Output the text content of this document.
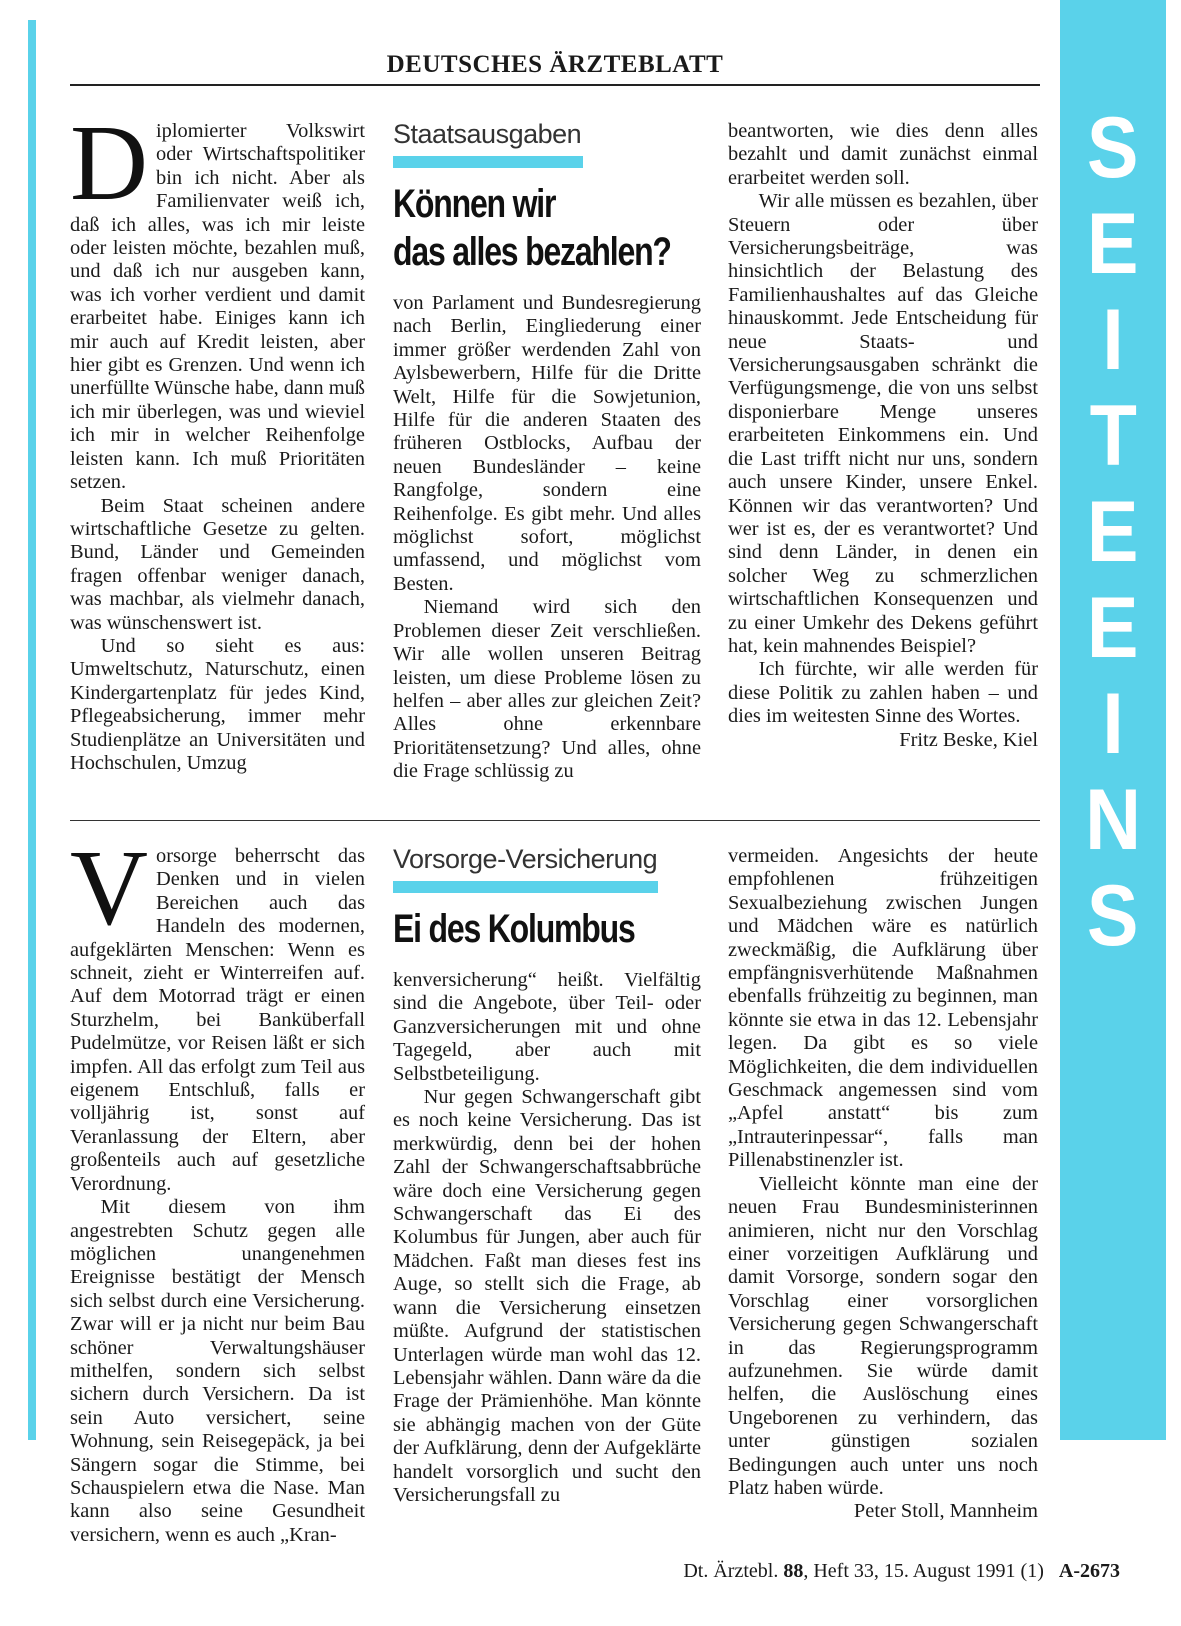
S
E
I
T
E
E
I
N
S
DEUTSCHES ÄRZTEBLATT
D iplomierter Volkswirt oder Wirtschaftspolitiker bin ich nicht. Aber als Familienvater weiß ich, daß ich alles, was ich mir leiste oder leisten möchte, bezahlen muß, und daß ich nur ausgeben kann, was ich vorher verdient und damit erarbeitet habe. Einiges kann ich mir auch auf Kredit leisten, aber hier gibt es Grenzen. Und wenn ich unerfüllte Wünsche habe, dann muß ich mir überlegen, was und wieviel ich mir in welcher Reihenfolge leisten kann. Ich muß Prioritäten setzen.

Beim Staat scheinen andere wirtschaftliche Gesetze zu gelten. Bund, Länder und Gemeinden fragen offenbar weniger danach, was machbar, als vielmehr danach, was wünschenswert ist.

Und so sieht es aus: Umweltschutz, Naturschutz, einen Kindergartenplatz für jedes Kind, Pflegeabsicherung, immer mehr Studienplätze an Universitäten und Hochschulen, Umzug

Staatsausgaben
Können wir
das alles bezahlen?

von Parlament und Bundesregierung nach Berlin, Eingliederung einer immer größer werdenden Zahl von Aylsbewerbern, Hilfe für die Dritte Welt, Hilfe für die Sowjetunion, Hilfe für die anderen Staaten des früheren Ostblocks, Aufbau der neuen Bundesländer – keine Rangfolge, sondern eine Reihenfolge. Es gibt mehr. Und alles möglichst sofort, möglichst umfassend, und möglichst vom Besten.

Niemand wird sich den Problemen dieser Zeit verschließen. Wir alle wollen unseren Beitrag leisten, um diese Probleme lösen zu helfen – aber alles zur gleichen Zeit? Alles ohne erkennbare Prioritätensetzung? Und alles, ohne die Frage schlüssig zu

beantworten, wie dies denn alles bezahlt und damit zunächst einmal erarbeitet werden soll.

Wir alle müssen es bezahlen, über Steuern oder über Versicherungsbeiträge, was hinsichtlich der Belastung des Familienhaushaltes auf das Gleiche hinauskommt. Jede Entscheidung für neue Staats- und Versicherungsausgaben schränkt die Verfügungsmenge, die von uns selbst disponierbare Menge unseres erarbeiteten Einkommens ein. Und die Last trifft nicht nur uns, sondern auch unsere Kinder, unsere Enkel. Können wir das verantworten? Und wer ist es, der es verantwortet? Und sind denn Länder, in denen ein solcher Weg zu schmerzlichen wirtschaftlichen Konsequenzen und zu einer Umkehr des Dekens geführt hat, kein mahnendes Beispiel?

Ich fürchte, wir alle werden für diese Politik zu zahlen haben – und dies im weitesten Sinne des Wortes.

Fritz Beske, Kiel
V orsorge beherrscht das Denken und in vielen Bereichen auch das Handeln des modernen, aufgeklärten Menschen: Wenn es schneit, zieht er Winterreifen auf. Auf dem Motorrad trägt er einen Sturzhelm, bei Banküberfall Pudelmütze, vor Reisen läßt er sich impfen. All das erfolgt zum Teil aus eigenem Entschluß, falls er volljährig ist, sonst auf Veranlassung der Eltern, aber großenteils auch auf gesetzliche Verordnung.

Mit diesem von ihm angestrebten Schutz gegen alle möglichen unangenehmen Ereignisse bestätigt der Mensch sich selbst durch eine Versicherung. Zwar will er ja nicht nur beim Bau schöner Verwaltungshäuser mithelfen, sondern sich selbst sichern durch Versichern. Da ist sein Auto versichert, seine Wohnung, sein Reisegepäck, ja bei Sängern sogar die Stimme, bei Schauspielern etwa die Nase. Man kann also seine Gesundheit versichern, wenn es auch „Kran-

Vorsorge-Versicherung
Ei des Kolumbus

kenversicherung“ heißt. Vielfältig sind die Angebote, über Teil- oder Ganzversicherungen mit und ohne Tagegeld, aber auch mit Selbstbeteiligung.

Nur gegen Schwangerschaft gibt es noch keine Versicherung. Das ist merkwürdig, denn bei der hohen Zahl der Schwangerschaftsabbrüche wäre doch eine Versicherung gegen Schwangerschaft das Ei des Kolumbus für Jungen, aber auch für Mädchen. Faßt man dieses fest ins Auge, so stellt sich die Frage, ab wann die Versicherung einsetzen müßte. Aufgrund der statistischen Unterlagen würde man wohl das 12. Lebensjahr wählen. Dann wäre da die Frage der Prämienhöhe. Man könnte sie abhängig machen von der Güte der Aufklärung, denn der Aufgeklärte handelt vorsorglich und sucht den Versicherungsfall zu

vermeiden. Angesichts der heute empfohlenen frühzeitigen Sexualbeziehung zwischen Jungen und Mädchen wäre es natürlich zweckmäßig, die Aufklärung über empfängnisverhütende Maßnahmen ebenfalls frühzeitig zu beginnen, man könnte sie etwa in das 12. Lebensjahr legen. Da gibt es so viele Möglichkeiten, die dem individuellen Geschmack angemessen sind vom „Apfel anstatt“ bis zum „Intrauterinpessar“, falls man Pillenabstinenzler ist.

Vielleicht könnte man eine der neuen Frau Bundesministerinnen animieren, nicht nur den Vorschlag einer vorzeitigen Aufklärung und damit Vorsorge, sondern sogar den Vorschlag einer vorsorglichen Versicherung gegen Schwangerschaft in das Regierungsprogramm aufzunehmen. Sie würde damit helfen, die Auslöschung eines Ungeborenen zu verhindern, das unter günstigen sozialen Bedingungen auch unter uns noch Platz haben würde.

Peter Stoll, Mannheim
Dt. Ärztebl. 88, Heft 33, 15. August 1991 (1) A-2673
